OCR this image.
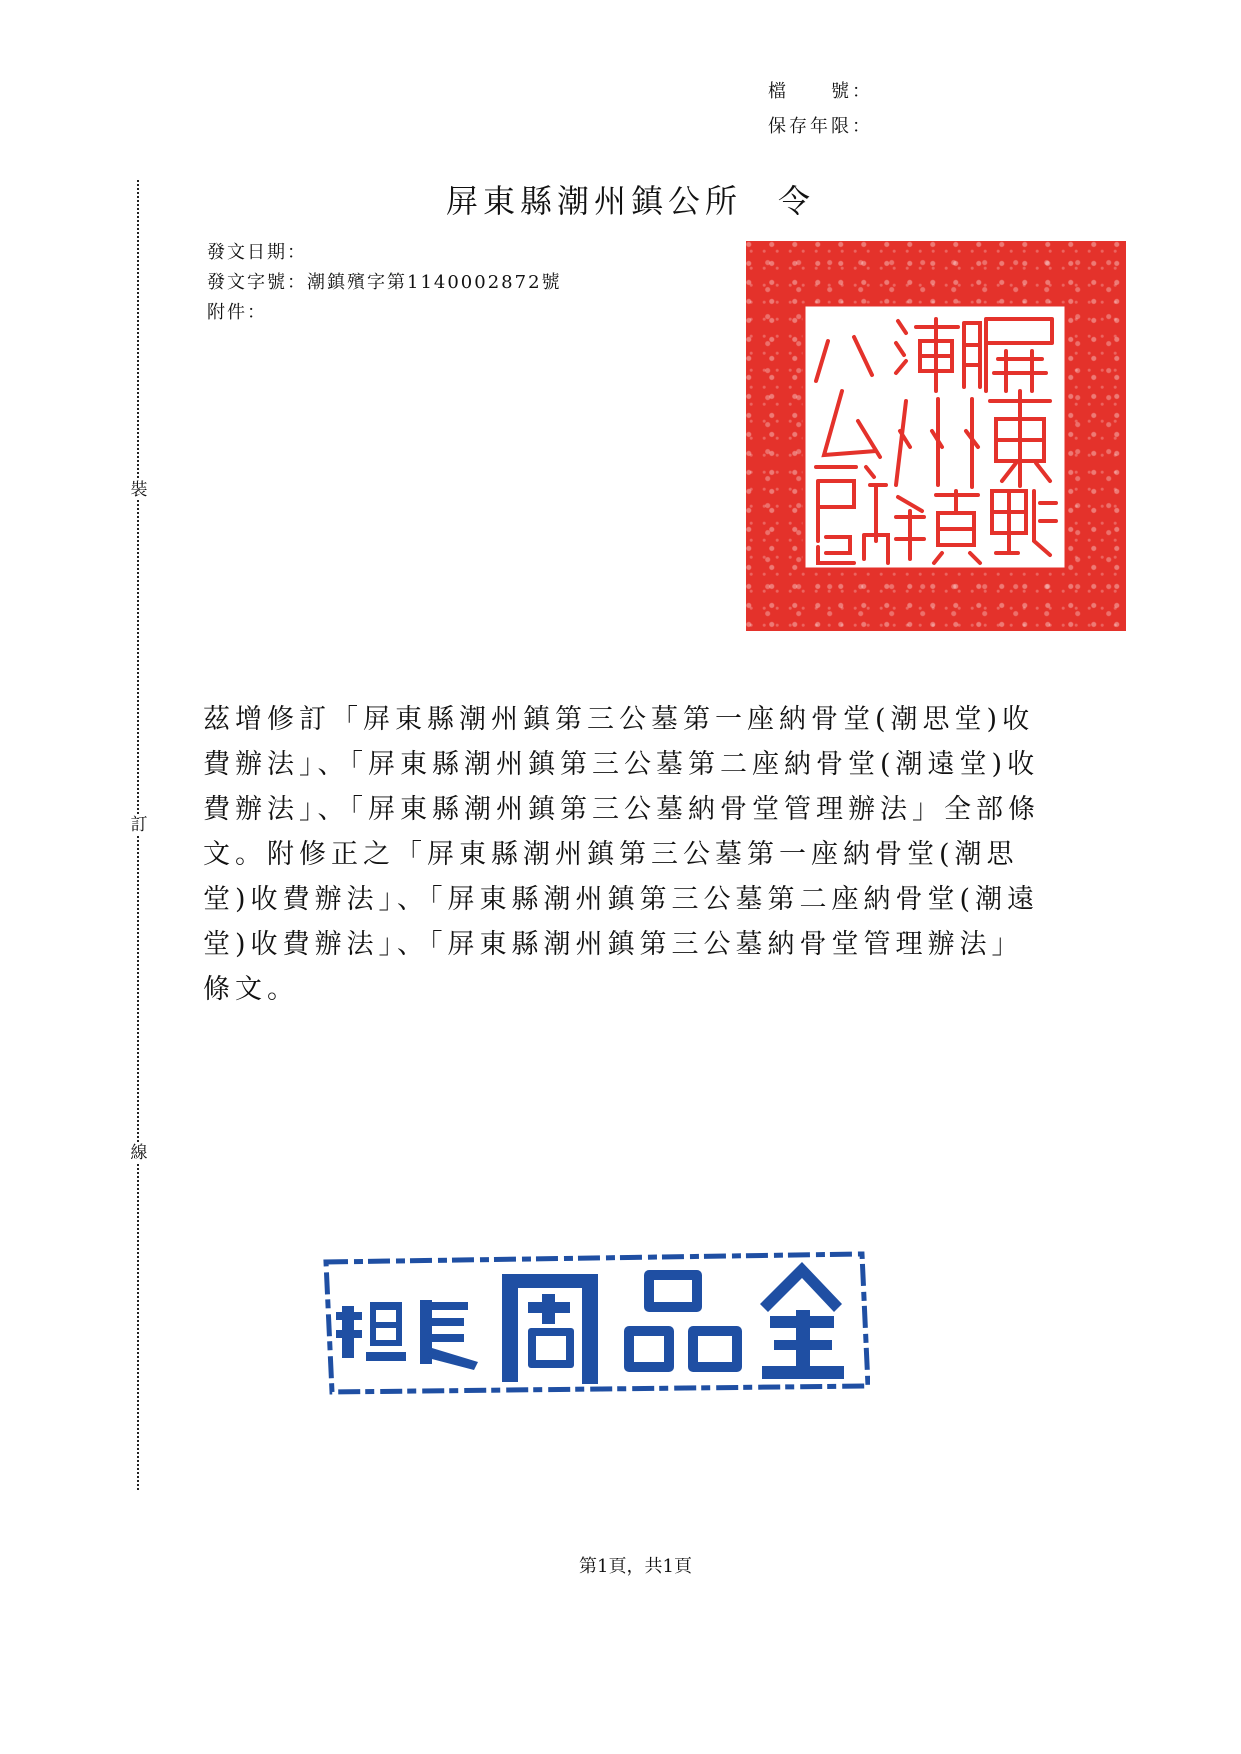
裝
訂
線
檔　　號：
保存年限：
屏東縣潮州鎮公所 令
發文日期：
發文字號：潮鎮殯字第1140002872號
附件：
茲增修訂「屏東縣潮州鎮第三公墓第一座納骨堂(潮思堂)收費辦法」、「屏東縣潮州鎮第三公墓第二座納骨堂(潮遠堂)收費辦法」、「屏東縣潮州鎮第三公墓納骨堂管理辦法」全部條文。附修正之「屏東縣潮州鎮第三公墓第一座納骨堂(潮思堂)收費辦法」、「屏東縣潮州鎮第三公墓第二座納骨堂(潮遠堂)收費辦法」、「屏東縣潮州鎮第三公墓納骨堂管理辦法」條文。
第1頁，共1頁
